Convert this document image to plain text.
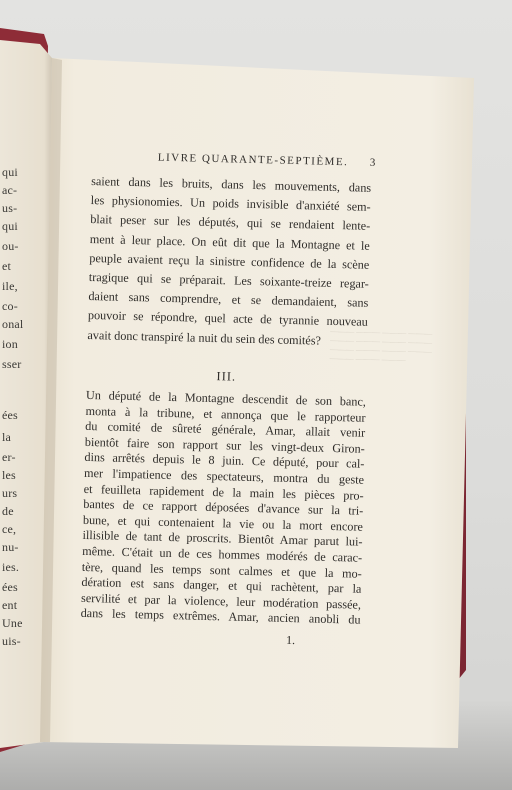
qui
ac-
us-
qui
ou-
et
ile,
co-
onal
ion
sser
ées
la
er-
les
urs
de
ce,
nu-
ies.
ées
ent
Une
uis-
LIVRE QUARANTE-SEPTIÈME.	3
saient dans les bruits, dans les mouvements, dans
les physionomies. Un poids invisible d'anxiété sem-
blait peser sur les députés, qui se rendaient lente-
ment à leur place. On eût dit que la Montagne et le
peuple avaient reçu la sinistre confidence de la scène
tragique qui se préparait. Les soixante-treize regar-
daient sans comprendre, et se demandaient, sans
pouvoir se répondre, quel acte de tyrannie nouveau
avait donc transpiré la nuit du sein des comités?
III.
Un député de la Montagne descendit de son banc,
monta à la tribune, et annonça que le rapporteur
du comité de sûreté générale, Amar, allait venir
bientôt faire son rapport sur les vingt-deux Giron-
dins arrêtés depuis le 8 juin. Ce député, pour cal-
mer l'impatience des spectateurs, montra du geste
et feuilleta rapidement de la main les pièces pro-
bantes de ce rapport déposées d'avance sur la tri-
bune, et qui contenaient la vie ou la mort encore
illisible de tant de proscrits. Bientôt Amar parut lui-
même. C'était un de ces hommes modérés de carac-
tère, quand les temps sont calmes et que la mo-
dération est sans danger, et qui rachètent, par la
servilité et par la violence, leur modération passée,
dans les temps extrêmes. Amar, ancien anobli du
1.
——— ——— ——— ———
——— ——— ——— ———
——— ——— ——— ———
——— ——— ———
